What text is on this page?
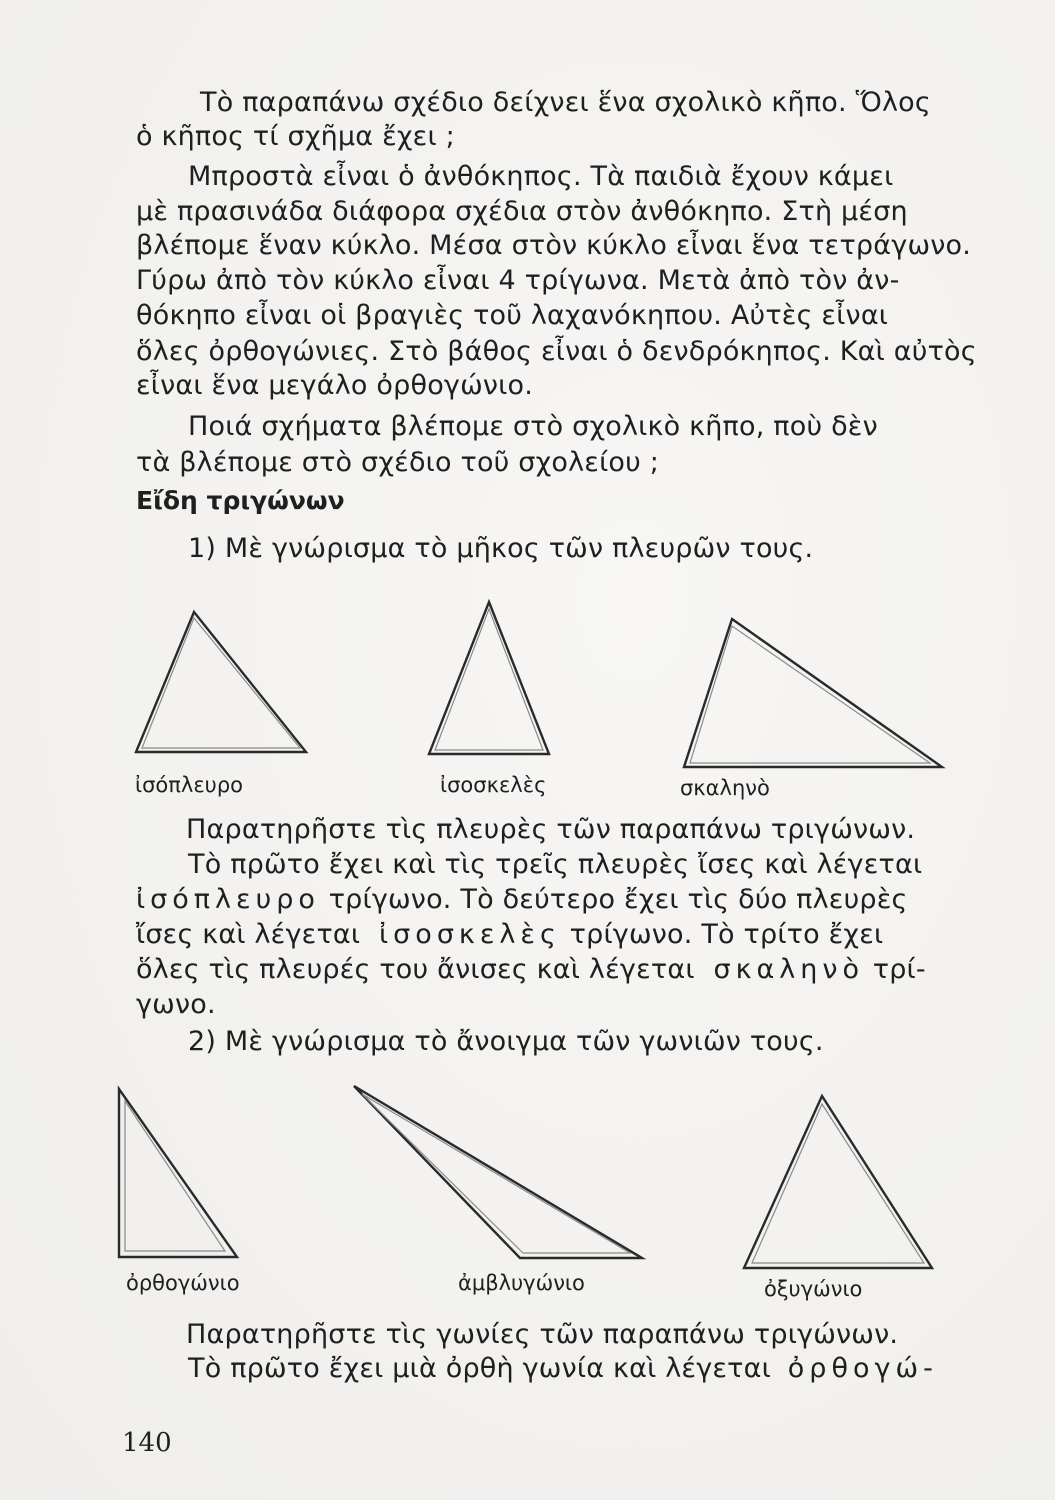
Τὸ παραπάνω σχέδιο δείχνει ἕνα σχολικὸ κῆπο. Ὅλος
ὁ κῆπος τί σχῆμα ἔχει ;
Μπροστὰ εἶναι ὁ ἀνθόκηπος. Τὰ παιδιὰ ἔχουν κάμει
μὲ πρασινάδα διάφορα σχέδια στὸν ἀνθόκηπο. Στὴ μέση
βλέπομε ἕναν κύκλο. Μέσα στὸν κύκλο εἶναι ἕνα τετράγωνο.
Γύρω ἀπὸ τὸν κύκλο εἶναι 4 τρίγωνα. Μετὰ ἀπὸ τὸν ἀν-
θόκηπο εἶναι οἱ βραγιὲς τοῦ λαχανόκηπου. Αὐτὲς εἶναι
ὅλες ὀρθογώνιες. Στὸ βάθος εἶναι ὁ δενδρόκηπος. Καὶ αὐτὸς
εἶναι ἕνα μεγάλο ὀρθογώνιο.
Ποιά σχήματα βλέπομε στὸ σχολικὸ κῆπο, ποὺ δὲν
τὰ βλέπομε στὸ σχέδιο τοῦ σχολείου ;
Εἴδη τριγώνων
1) Μὲ γνώρισμα τὸ μῆκος τῶν πλευρῶν τους.
ἰσόπλευρο	ἰσοσκελὲς	σκαληνὸ
Παρατηρῆστε τὶς πλευρὲς τῶν παραπάνω τριγώνων.
Τὸ πρῶτο ἔχει καὶ τὶς τρεῖς πλευρὲς ἴσες καὶ λέγεται
ἰσόπλευρο τρίγωνο. Τὸ δεύτερο ἔχει τὶς δύο πλευρὲς
ἴσες καὶ λέγεται ἰσοσκελὲς τρίγωνο. Τὸ τρίτο ἔχει
ὅλες τὶς πλευρές του ἄνισες καὶ λέγεται σκαληνὸ τρί-
γωνο.
2) Μὲ γνώρισμα τὸ ἄνοιγμα τῶν γωνιῶν τους.
ὀρθογώνιο	ἀμβλυγώνιο	ὀξυγώνιο
Παρατηρῆστε τὶς γωνίες τῶν παραπάνω τριγώνων.
Τὸ πρῶτο ἔχει μιὰ ὀρθὴ γωνία καὶ λέγεται ὀρθογώ-
140
